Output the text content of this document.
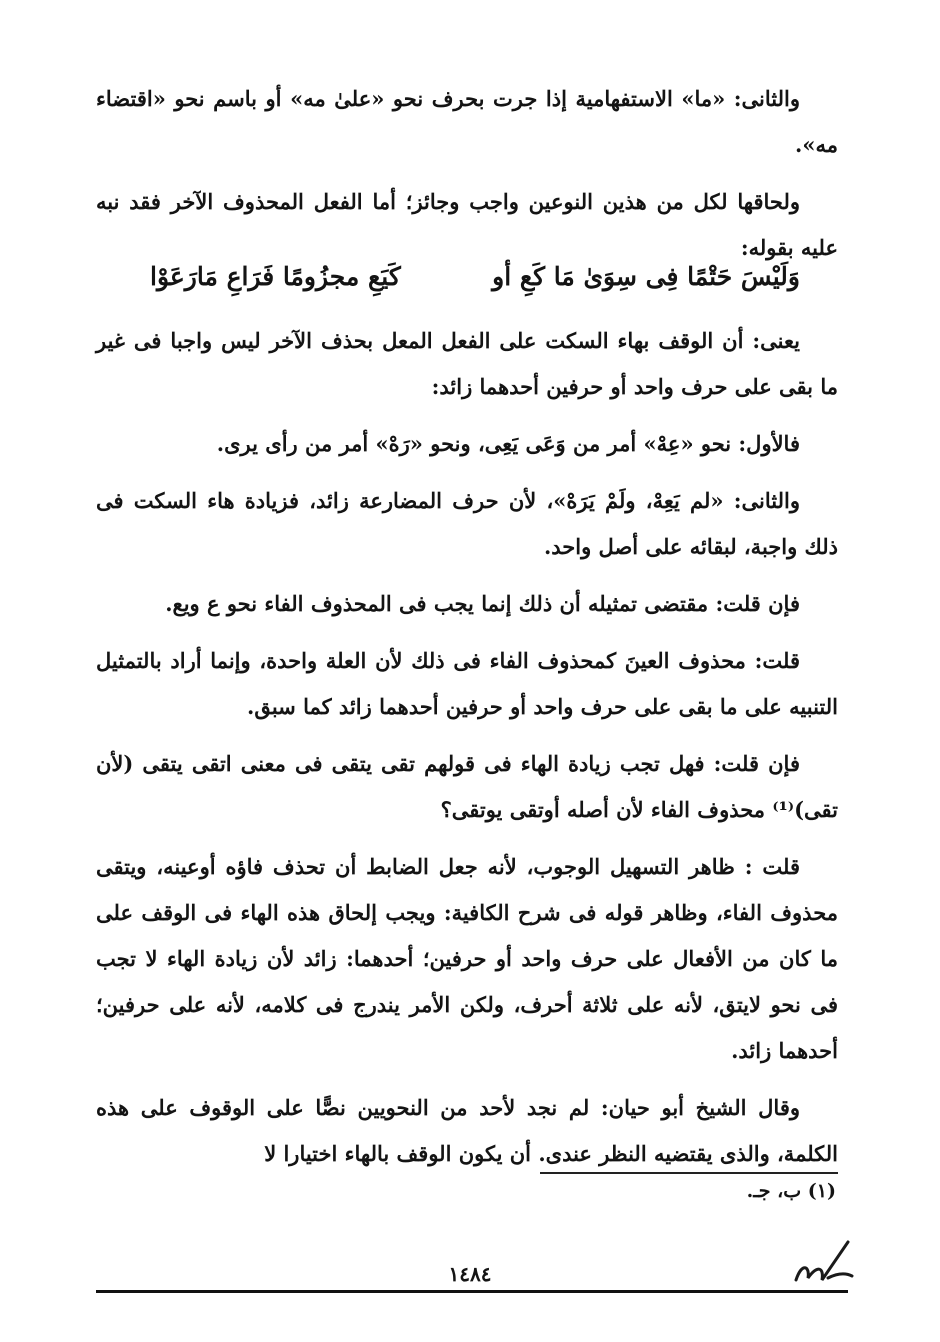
والثانى: «ما» الاستفهامية إذا جرت بحرف نحو «علىٰ مه» أو باسم نحو «اقتضاء مه».

ولحاقها لكل من هذين النوعين واجب وجائز؛ أما الفعل المحذوف الآخر فقد نبه عليه بقوله:

وَلَيْسَ حَتْمًا فِى سِوَىٰ مَا كَعِ أو
كَيَعِ مجزُومًا فَرَاعِ مَارَعَوْا

يعنى: أن الوقف بهاء السكت على الفعل المعل بحذف الآخر ليس واجبا فى غير ما بقى على حرف واحد أو حرفين أحدهما زائد:

فالأول: نحو «عِهْ» أمر من وَعَى يَعِى، ونحو «رَهْ» أمر من رأى يرى.

والثانى: «لم يَعِهْ، ولَمْ يَرَهْ»، لأن حرف المضارعة زائد، فزيادة هاء السكت فى ذلك واجبة، لبقائه على أصل واحد.

فإن قلت: مقتضى تمثيله أن ذلك إنما يجب فى المحذوف الفاء نحو ع ويع.

قلت: محذوف العينَ كمحذوف الفاء فى ذلك لأن العلة واحدة، وإنما أراد بالتمثيل التنبيه على ما بقى على حرف واحد أو حرفين أحدهما زائد كما سبق.

فإن قلت: فهل تجب زيادة الهاء فى قولهم تقى يتقى فى معنى اتقى يتقى (لأن تقى)⁽¹⁾ محذوف الفاء لأن أصله أوتقى يوتقى؟

قلت : ظاهر التسهيل الوجوب، لأنه جعل الضابط أن تحذف فاؤه أوعينه، ويتقى محذوف الفاء، وظاهر قوله فى شرح الكافية: ويجب إلحاق هذه الهاء فى الوقف على ما كان من الأفعال على حرف واحد أو حرفين؛ أحدهما: زائد لأن زيادة الهاء لا تجب فى نحو لايتق، لأنه على ثلاثة أحرف، ولكن الأمر يندرج فى كلامه، لأنه على حرفين؛ أحدهما زائد.

وقال الشيخ أبو حيان: لم نجد لأحد من النحويين نصًّا على الوقوف على هذه الكلمة، والذى يقتضيه النظر عندى. أن يكون الوقف بالهاء اختيارا لا

(١) ب، جـ.
١٤٨٤
